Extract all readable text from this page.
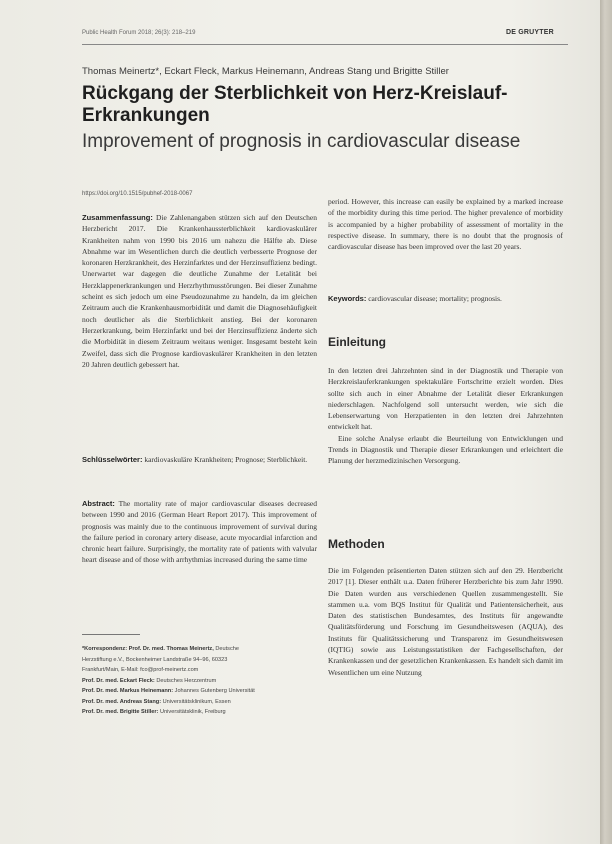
Public Health Forum 2018; 26(3): 218–219	DE GRUYTER
Thomas Meinertz*, Eckart Fleck, Markus Heinemann, Andreas Stang und Brigitte Stiller
Rückgang der Sterblichkeit von Herz-Kreislauf-Erkrankungen
Improvement of prognosis in cardiovascular disease
https://doi.org/10.1515/pubhef-2018-0067

Zusammenfassung: Die Zahlenangaben stützen sich auf den Deutschen Herzbericht 2017. Die Krankenhaussterblichkeit kardiovaskulärer Krankheiten nahm von 1990 bis 2016 um nahezu die Hälfte ab. Diese Abnahme war im Wesentlichen durch die deutlich verbesserte Prognose der koronaren Herzkrankheit, des Herzinfarktes und der Herzinsuffizienz bedingt. Unerwartet war dagegen die deutliche Zunahme der Letalität bei Herzklappenerkrankungen und Herzrhythmusstörungen. Bei dieser Zunahme scheint es sich jedoch um eine Pseudozunahme zu handeln, da im gleichen Zeitraum auch die Krankenhausmorbidität und damit die Diagnosehäufigkeit noch deutlicher als die Sterblichkeit anstieg. Bei der koronaren Herzerkrankung, beim Herzinfarkt und bei der Herzinsuffizienz änderte sich die Morbidität in diesem Zeitraum weitaus weniger. Insgesamt besteht kein Zweifel, dass sich die Prognose kardiovaskulärer Krankheiten in den letzten 20 Jahren deutlich gebessert hat.

Schlüsselwörter: kardiovaskuläre Krankheiten; Prognose; Sterblichkeit.

Abstract: The mortality rate of major cardiovascular diseases decreased between 1990 and 2016 (German Heart Report 2017). This improvement of prognosis was mainly due to the continuous improvement of survival during the failure period in coronary artery disease, acute myocardial infarction and chronic heart failure. Surprisingly, the mortality rate of patients with valvular heart disease and of those with arrhythmias increased during the same time

*Korrespondenz: Prof. Dr. med. Thomas Meinertz, Deutsche
Herzstiftung e.V., Bockenheimer Landstraße 94–96, 60323
Frankfurt/Main, E-Mail: fco@prof-meinertz.com
Prof. Dr. med. Eckart Fleck: Deutsches Herzzentrum
Prof. Dr. med. Markus Heinemann: Johannes Gutenberg Universität
Prof. Dr. med. Andreas Stang: Universitätsklinikum, Essen
Prof. Dr. med. Brigitte Stiller: Universitätsklinik, Freiburg

period. However, this increase can easily be explained by a marked increase of the morbidity during this time period. The higher prevalence of morbidity is accompanied by a higher probability of assessment of mortality in the respective disease. In summary, there is no doubt that the prognosis of cardiovascular disease has been improved over the last 20 years.

Keywords: cardiovascular disease; mortality; prognosis.

Einleitung

In den letzten drei Jahrzehnten sind in der Diagnostik und Therapie von Herzkreislauferkrankungen spektakuläre Fortschritte erzielt worden. Dies sollte sich auch in einer Abnahme der Letalität dieser Erkrankungen niederschlagen. Nachfolgend soll untersucht werden, wie sich die Lebenserwartung von Herzpatienten in den letzten drei Jahrzehnten entwickelt hat.

Eine solche Analyse erlaubt die Beurteilung von Entwicklungen und Trends in Diagnostik und Therapie dieser Erkrankungen und erleichtert die Planung der herzmedizinischen Versorgung.

Methoden

Die im Folgenden präsentierten Daten stützen sich auf den 29. Herzbericht 2017 [1]. Dieser enthält u.a. Daten früherer Herzberichte bis zum Jahr 1990. Die Daten wurden aus verschiedenen Quellen zusammengestellt. Sie stammen u.a. vom BQS Institut für Qualität und Patientensicherheit, aus Daten des statistischen Bundesamtes, des Instituts für angewandte Qualitätsförderung und Forschung im Gesundheitswesen (AQUA), des Instituts für Qualitätssicherung und Transparenz im Gesundheitswesen (IQTIG) sowie aus Leistungsstatistiken der Fachgesellschaften, der Krankenkassen und der gesetzlichen Krankenkassen. Es handelt sich damit im Wesentlichen um eine Nutzung
